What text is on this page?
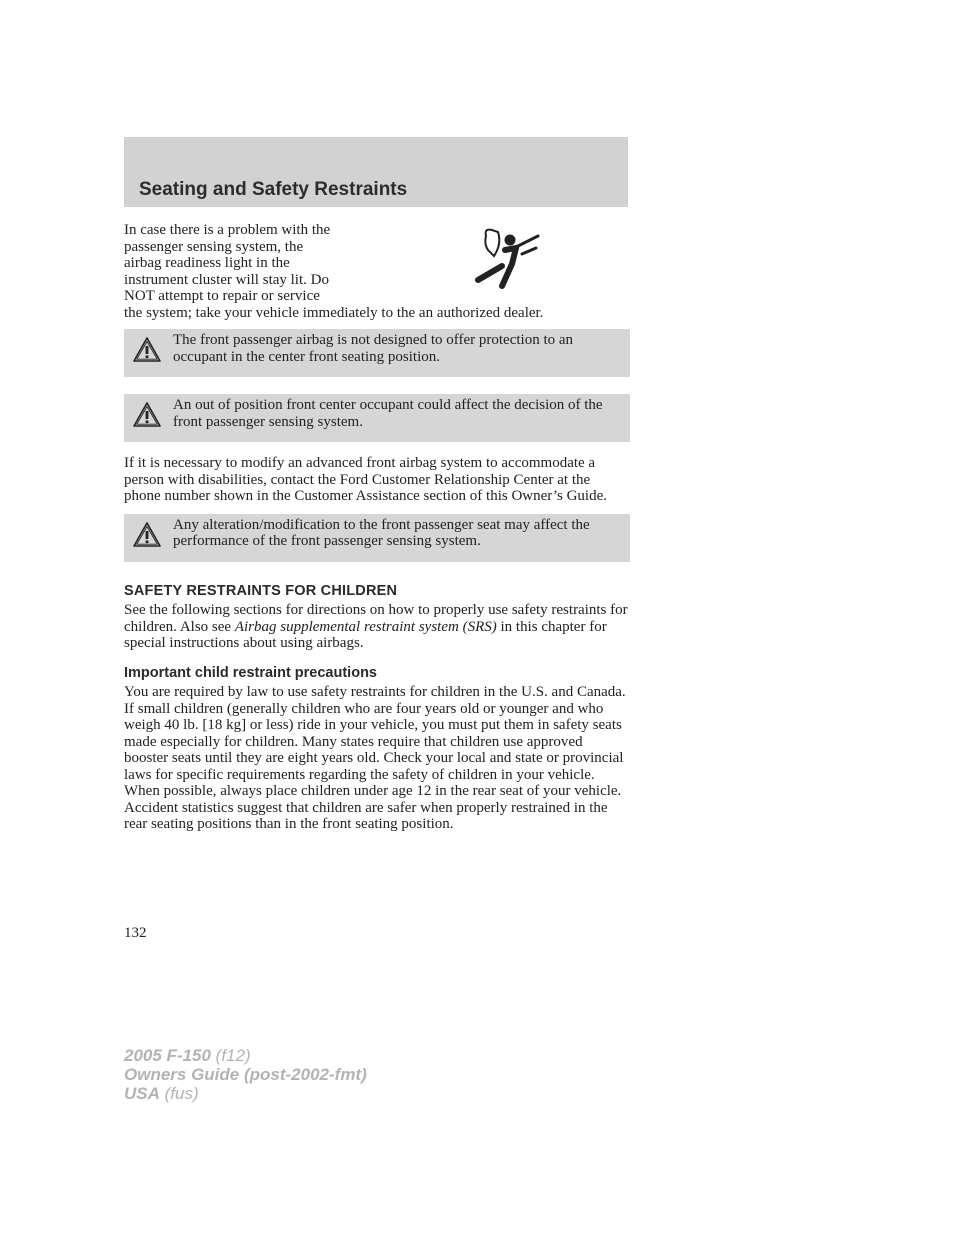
Seating and Safety Restraints

In case there is a problem with the

passenger sensing system, the

airbag readiness light in the

instrument cluster will stay lit. Do

NOT attempt to repair or service

the system; take your vehicle immediately to the an authorized dealer.

The front passenger airbag is not designed to offer protection to an occupant in the center front seating position.

An out of position front center occupant could affect the decision of the front passenger sensing system.

If it is necessary to modify an advanced front airbag system to accommodate a person with disabilities, contact the Ford Customer Relationship Center at the phone number shown in the Customer Assistance section of this Owner’s Guide.

Any alteration/modification to the front passenger seat may affect the performance of the front passenger sensing system.

SAFETY RESTRAINTS FOR CHILDREN

See the following sections for directions on how to properly use safety restraints for children. Also see Airbag supplemental restraint system (SRS) in this chapter for special instructions about using airbags.

Important child restraint precautions

You are required by law to use safety restraints for children in the U.S. and Canada. If small children (generally children who are four years old or younger and who weigh 40 lb. [18 kg] or less) ride in your vehicle, you must put them in safety seats made especially for children. Many states require that children use approved booster seats until they are eight years old. Check your local and state or provincial laws for specific requirements regarding the safety of children in your vehicle. When possible, always place children under age 12 in the rear seat of your vehicle. Accident statistics suggest that children are safer when properly restrained in the rear seating positions than in the front seating position.

132
2005 F-150 (f12)
Owners Guide (post-2002-fmt)
USA (fus)
